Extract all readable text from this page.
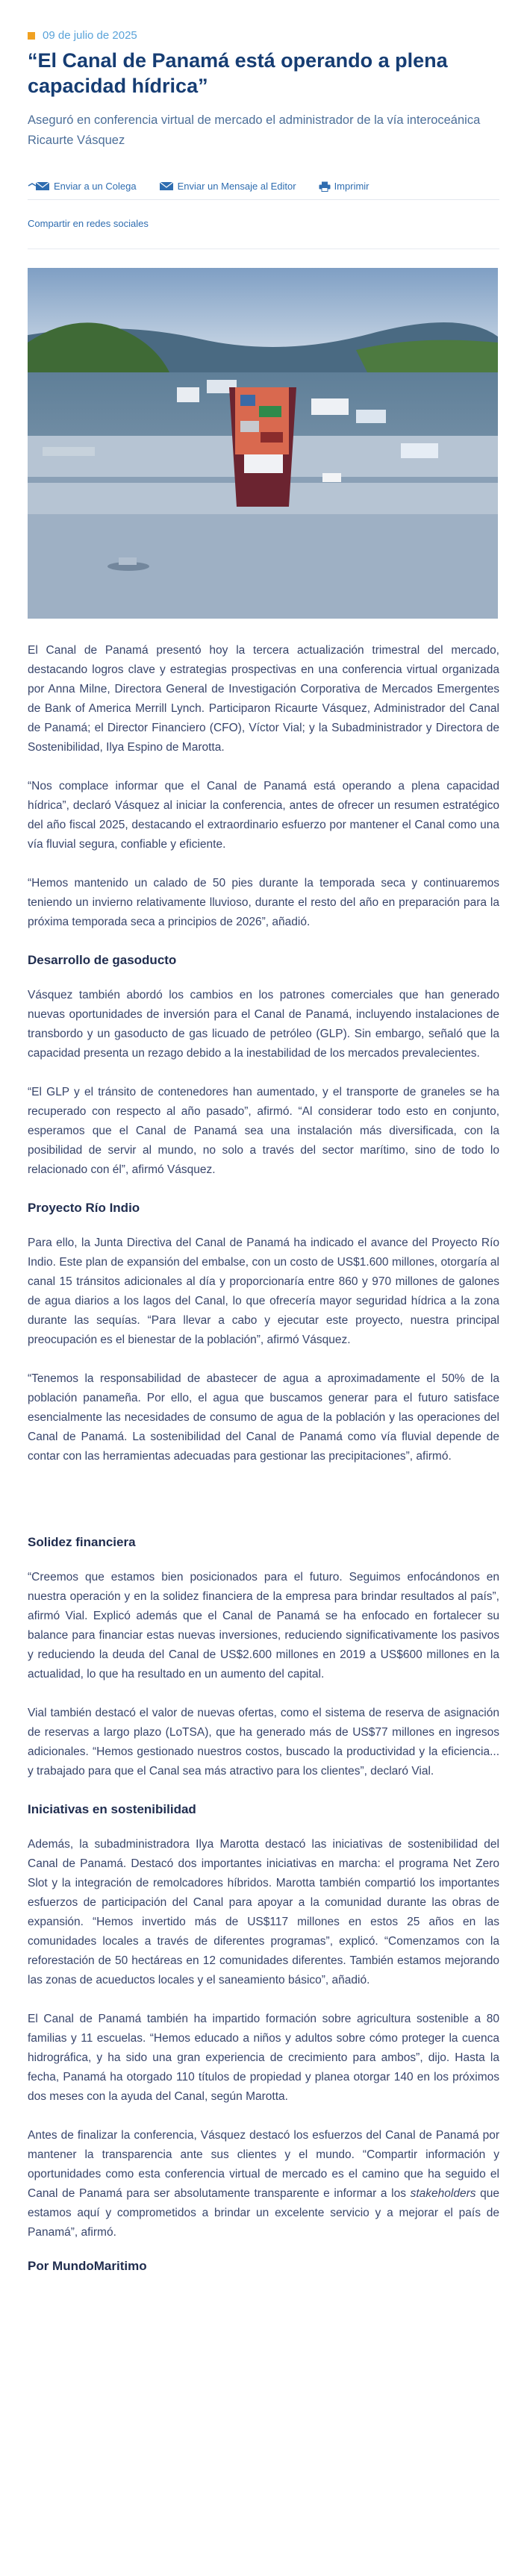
09 de julio de 2025
“El Canal de Panamá está operando a plena capacidad hídrica”

Aseguró en conferencia virtual de mercado el administrador de la vía interoceánica Ricaurte Vásquez

Enviar a un Colega	Enviar un Mensaje al Editor	Imprimir
Compartir en redes sociales

El Canal de Panamá presentó hoy la tercera actualización trimestral del mercado, destacando logros clave y estrategias prospectivas en una conferencia virtual organizada por Anna Milne, Directora General de Investigación Corporativa de Mercados Emergentes de Bank of America Merrill Lynch. Participaron Ricaurte Vásquez, Administrador del Canal de Panamá; el Director Financiero (CFO), Víctor Vial; y la Subadministrador y Directora de Sostenibilidad, Ilya Espino de Marotta.

“Nos complace informar que el Canal de Panamá está operando a plena capacidad hídrica”, declaró Vásquez al iniciar la conferencia, antes de ofrecer un resumen estratégico del año fiscal 2025, destacando el extraordinario esfuerzo por mantener el Canal como una vía fluvial segura, confiable y eficiente.

“Hemos mantenido un calado de 50 pies durante la temporada seca y continuaremos teniendo un invierno relativamente lluvioso, durante el resto del año en preparación para la próxima temporada seca a principios de 2026”, añadió.

Desarrollo de gasoducto

Vásquez también abordó los cambios en los patrones comerciales que han generado nuevas oportunidades de inversión para el Canal de Panamá, incluyendo instalaciones de transbordo y un gasoducto de gas licuado de petróleo (GLP). Sin embargo, señaló que la capacidad presenta un rezago debido a la inestabilidad de los mercados prevalecientes.

“El GLP y el tránsito de contenedores han aumentado, y el transporte de graneles se ha recuperado con respecto al año pasado”, afirmó. “Al considerar todo esto en conjunto, esperamos que el Canal de Panamá sea una instalación más diversificada, con la posibilidad de servir al mundo, no solo a través del sector marítimo, sino de todo lo relacionado con él”, afirmó Vásquez.

Proyecto Río Indio

Para ello, la Junta Directiva del Canal de Panamá ha indicado el avance del Proyecto Río Indio. Este plan de expansión del embalse, con un costo de US$1.600 millones, otorgaría al canal 15 tránsitos adicionales al día y proporcionaría entre 860 y 970 millones de galones de agua diarios a los lagos del Canal, lo que ofrecería mayor seguridad hídrica a la zona durante las sequías. “Para llevar a cabo y ejecutar este proyecto, nuestra principal preocupación es el bienestar de la población”, afirmó Vásquez.

“Tenemos la responsabilidad de abastecer de agua a aproximadamente el 50% de la población panameña. Por ello, el agua que buscamos generar para el futuro satisface esencialmente las necesidades de consumo de agua de la población y las operaciones del Canal de Panamá. La sostenibilidad del Canal de Panamá como vía fluvial depende de contar con las herramientas adecuadas para gestionar las precipitaciones”, afirmó.

Solidez financiera

“Creemos que estamos bien posicionados para el futuro. Seguimos enfocándonos en nuestra operación y en la solidez financiera de la empresa para brindar resultados al país”, afirmó Vial. Explicó además que el Canal de Panamá se ha enfocado en fortalecer su balance para financiar estas nuevas inversiones, reduciendo significativamente los pasivos y reduciendo la deuda del Canal de US$2.600 millones en 2019 a US$600 millones en la actualidad, lo que ha resultado en un aumento del capital.

Vial también destacó el valor de nuevas ofertas, como el sistema de reserva de asignación de reservas a largo plazo (LoTSA), que ha generado más de US$77 millones en ingresos adicionales. “Hemos gestionado nuestros costos, buscado la productividad y la eficiencia... y trabajado para que el Canal sea más atractivo para los clientes”, declaró Vial.

Iniciativas en sostenibilidad

Además, la subadministradora Ilya Marotta destacó las iniciativas de sostenibilidad del Canal de Panamá. Destacó dos importantes iniciativas en marcha: el programa Net Zero Slot y la integración de remolcadores híbridos. Marotta también compartió los importantes esfuerzos de participación del Canal para apoyar a la comunidad durante las obras de expansión. “Hemos invertido más de US$117 millones en estos 25 años en las comunidades locales a través de diferentes programas”, explicó. “Comenzamos con la reforestación de 50 hectáreas en 12 comunidades diferentes. También estamos mejorando las zonas de acueductos locales y el saneamiento básico”, añadió.

El Canal de Panamá también ha impartido formación sobre agricultura sostenible a 80 familias y 11 escuelas. “Hemos educado a niños y adultos sobre cómo proteger la cuenca hidrográfica, y ha sido una gran experiencia de crecimiento para ambos”, dijo. Hasta la fecha, Panamá ha otorgado 110 títulos de propiedad y planea otorgar 140 en los próximos dos meses con la ayuda del Canal, según Marotta.

Antes de finalizar la conferencia, Vásquez destacó los esfuerzos del Canal de Panamá por mantener la transparencia ante sus clientes y el mundo. “Compartir información y oportunidades como esta conferencia virtual de mercado es el camino que ha seguido el Canal de Panamá para ser absolutamente transparente e informar a los stakeholders que estamos aquí y comprometidos a brindar un excelente servicio y a mejorar el país de Panamá”, afirmó.

Por MundoMaritimo
